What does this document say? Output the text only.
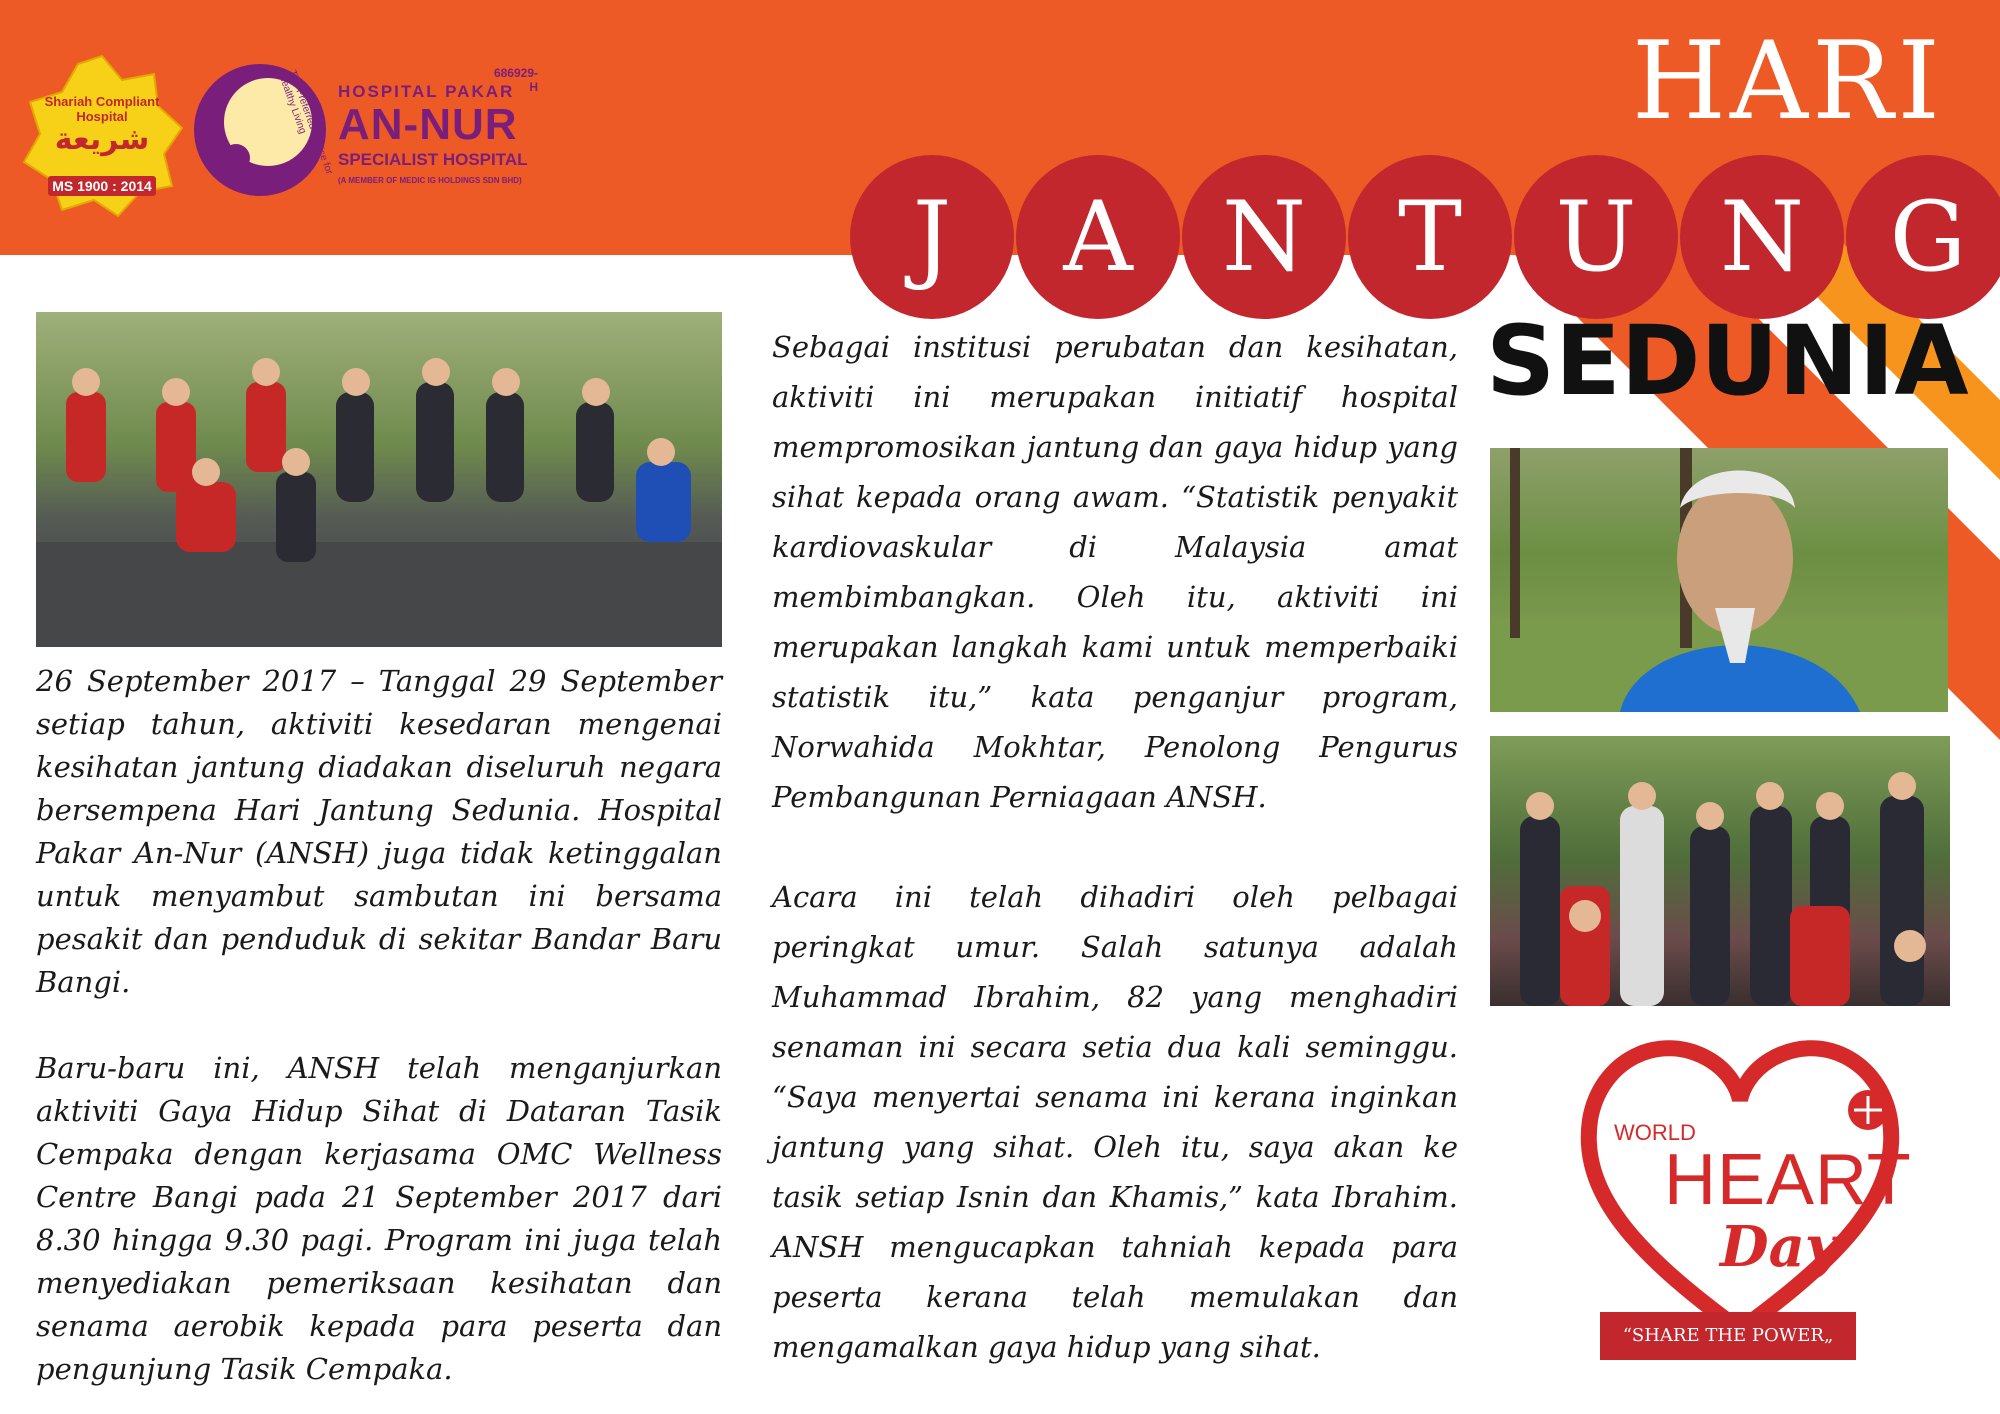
Shariah Compliant Hospital
شريعة
MS 1900 : 2014
The Preferred Choice for Healthy Living	686929-H
HOSPITAL PAKAR
AN-NUR
SPECIALIST HOSPITAL
(A MEMBER OF MEDIC IG HOLDINGS SDN BHD)
HARI
J	A N T U N G
SEDUNIA

26 September 2017 – Tanggal 29 September setiap tahun, aktiviti kesedaran mengenai kesihatan jantung diadakan diseluruh negara bersempena Hari Jantung Sedunia. Hospital Pakar An-Nur (ANSH) juga tidak ketinggalan untuk menyambut sambutan ini bersama pesakit dan penduduk di sekitar Bandar Baru Bangi.

Baru-baru ini, ANSH telah menganjurkan aktiviti Gaya Hidup Sihat di Dataran Tasik Cempaka dengan kerjasama OMC Wellness Centre Bangi pada 21 September 2017 dari 8.30 hingga 9.30 pagi. Program ini juga telah menyediakan pemeriksaan kesihatan dan senama aerobik kepada para peserta dan pengunjung Tasik Cempaka.

Sebagai institusi perubatan dan kesihatan, aktiviti ini merupakan initiatif hospital mempromosikan jantung dan gaya hidup yang sihat kepada orang awam. “Statistik penyakit kardiovaskular di Malaysia amat membimbangkan. Oleh itu, aktiviti ini merupakan langkah kami untuk memperbaiki statistik itu,” kata penganjur program, Norwahida Mokhtar, Penolong Pengurus Pembangunan Perniagaan ANSH.

Acara ini telah dihadiri oleh pelbagai peringkat umur. Salah satunya adalah Muhammad Ibrahim, 82 yang menghadiri senaman ini secara setia dua kali seminggu. “Saya menyertai senama ini kerana inginkan jantung yang sihat. Oleh itu, saya akan ke tasik setiap Isnin dan Khamis,” kata Ibrahim. ANSH mengucapkan tahniah kepada para peserta kerana telah memulakan dan mengamalkan gaya hidup yang sihat.

WORLD
HEART
Day
“SHARE THE POWER„
